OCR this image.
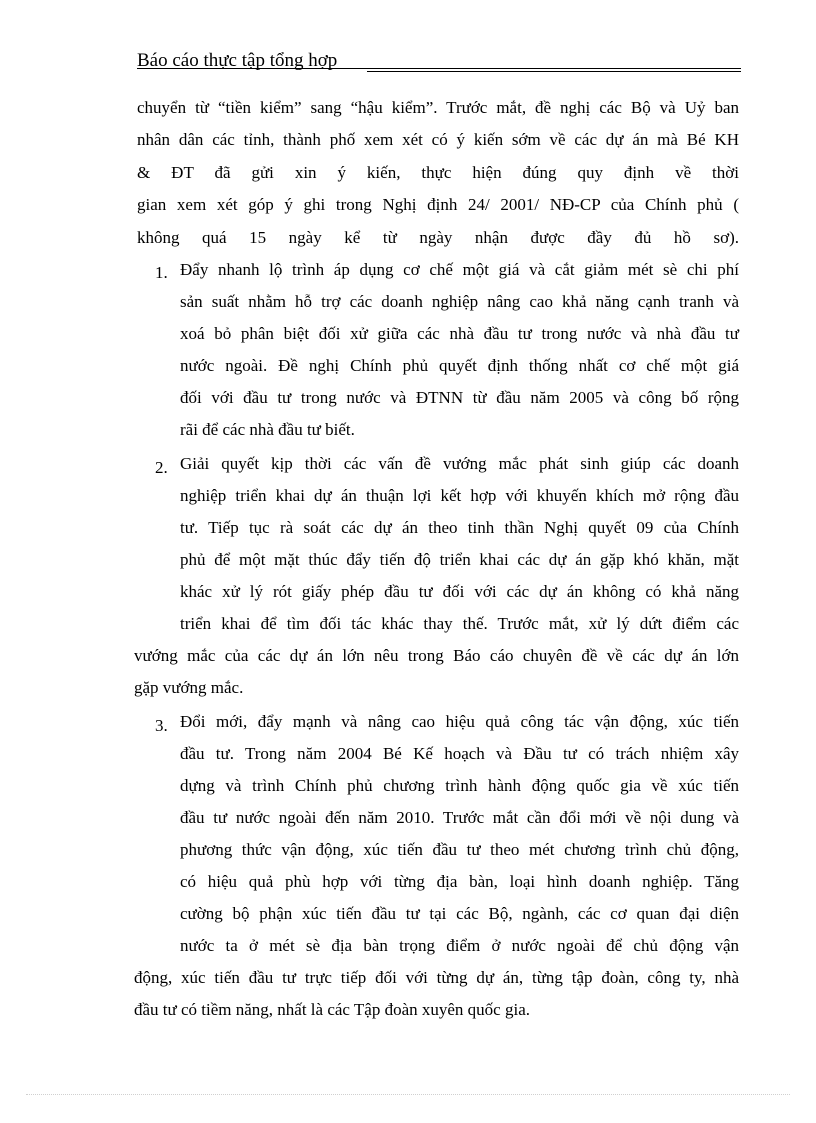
Báo cáo thực tập tổng hợp
chuyển từ “tiền kiểm” sang “hậu kiểm”. Trước mắt, đề nghị các Bộ và Uỷ ban
nhân dân các tỉnh, thành phố xem xét có ý kiến sớm về các dự án mà Bé KH
& ĐT đã gửi xin ý kiến, thực hiện đúng quy định về thời
gian xem xét góp ý ghi trong Nghị định 24/ 2001/ NĐ-CP của Chính phủ (
không quá 15 ngày kể từ ngày nhận được đầy đủ hồ sơ).
1. Đẩy nhanh lộ trình áp dụng cơ chế một giá và cắt giảm mét sè chi phí
sản suất nhằm hỗ trợ các doanh nghiệp nâng cao khả năng cạnh tranh và
xoá bỏ phân biệt đối xử giữa các nhà đầu tư trong nước và nhà đầu tư
nước ngoài. Đề nghị Chính phủ quyết định thống nhất cơ chế một giá
đối với đầu tư trong nước và ĐTNN từ đầu năm 2005 và công bố rộng
rãi để các nhà đầu tư biết.
2. Giải quyết kịp thời các vấn đề vướng mắc phát sinh giúp các doanh
nghiệp triển khai dự án thuận lợi kết hợp với khuyến khích mở rộng đầu
tư. Tiếp tục rà soát các dự án theo tinh thần Nghị quyết 09 của Chính
phủ để một mặt thúc đẩy tiến độ triển khai các dự án gặp khó khăn, mặt
khác xử lý rót giấy phép đầu tư đối với các dự án không có khả năng
triển khai để tìm đối tác khác thay thế. Trước mắt, xử lý dứt điểm các
vướng mắc của các dự án lớn nêu trong Báo cáo chuyên đề về các dự án lớn
gặp vướng mắc.
3. Đổi mới, đẩy mạnh và nâng cao hiệu quả công tác vận động, xúc tiến
đầu tư. Trong năm 2004 Bé Kế hoạch và Đầu tư có trách nhiệm xây
dựng và trình Chính phủ chương trình hành động quốc gia về xúc tiến
đầu tư nước ngoài đến năm 2010. Trước mắt cần đổi mới về nội dung và
phương thức vận động, xúc tiến đầu tư theo mét chương trình chủ động,
có hiệu quả phù hợp với từng địa bàn, loại hình doanh nghiệp. Tăng
cường bộ phận xúc tiến đầu tư tại các Bộ, ngành, các cơ quan đại diện
nước ta ở mét sè địa bàn trọng điểm ở nước ngoài để chủ động vận
động, xúc tiến đầu tư trực tiếp đối với từng dự án, từng tập đoàn, công ty, nhà
đầu tư có tiềm năng, nhất là các Tập đoàn xuyên quốc gia.
